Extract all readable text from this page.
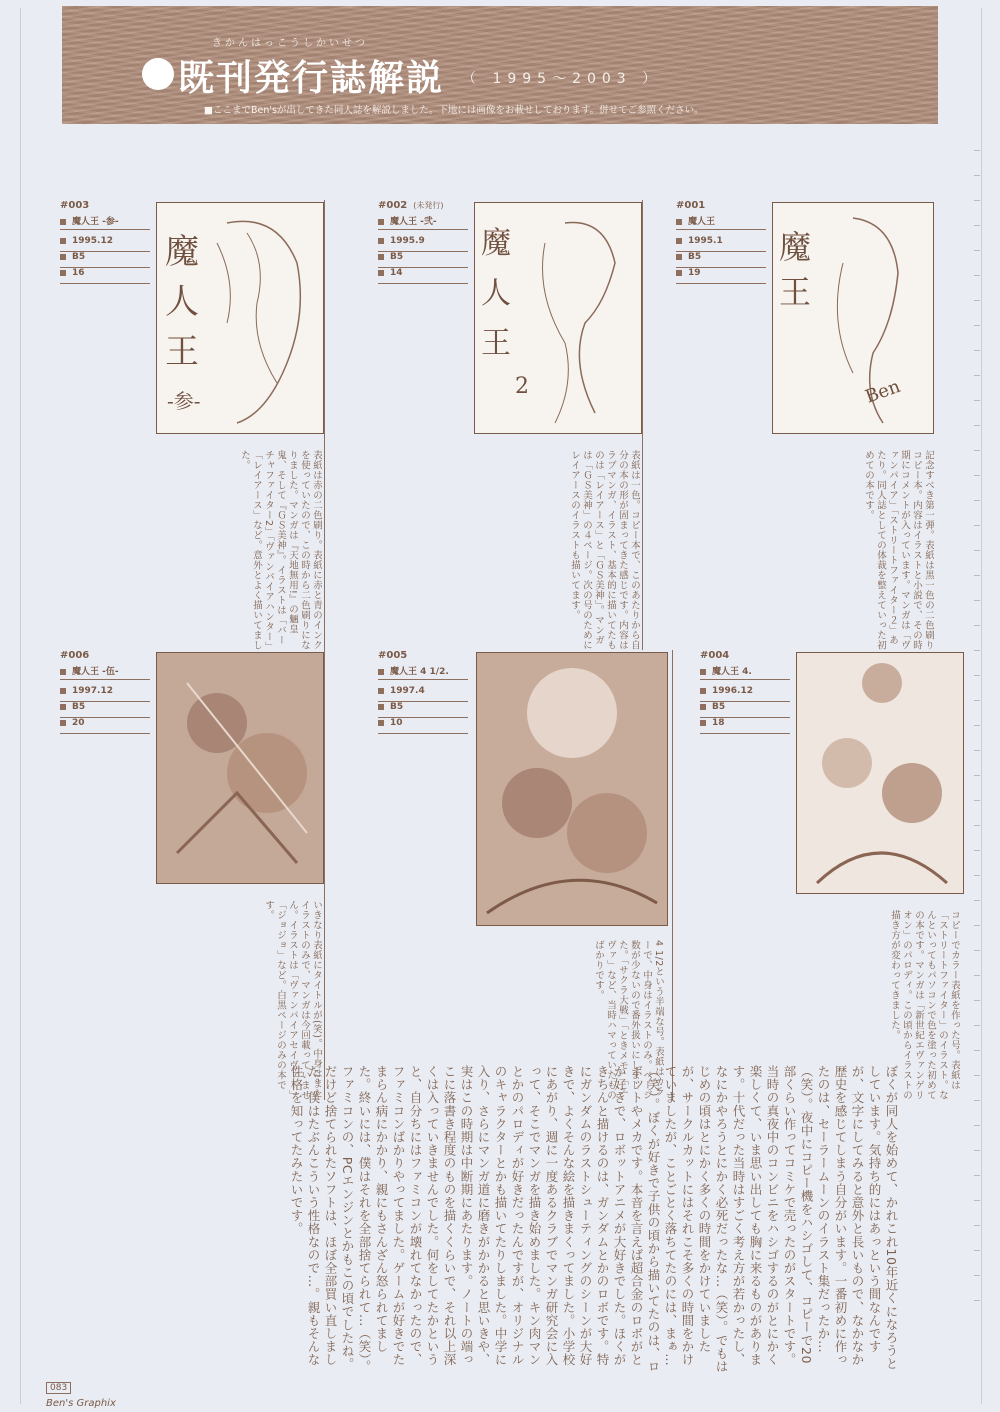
きかんはっこうしかいせつ
既刊発行誌解説 （ 1995～2003 ）
■ここまでBen'sが出してきた同人誌を解説しました。下地には画像をお載せしております。併せてご参照ください。
#003
魔人王 -参-
1995.12
B5
16
魔
人
王
-参-
表紙は赤の二色刷り。表紙に赤と青のインクを使っていたので、この時から二色刷りになりました。マンガは『天地無用!』の魎皇鬼、そして『ＧＳ美神』。イラストは「バーチャファイター2」「ヴァンパイアハンター」「レイアース」など。意外とよく描いてました。
#002 (未発行)
魔人王 -弐-
1995.9
B5
14
魔
人
王
2
表紙は一色。コピー本で、このあたりから自分の本の形が固まってきた感じです。内容はラブマンガ、イラスト、基本的に描いてたものは「レイアース」と「ＧＳ美神」。マンガは「ＧＳ美神」の４ページ。次の号のためにレイアースのイラストも描いてます。
#001
魔人王
1995.1
B5
19
魔
王
Ben
記念すべき第一弾。表紙は黒一色の二色刷りコピー本。内容はイラストと小説で、その時期にコメントが入っています。マンガは「ヴァンパイア」「ストリートファイター２」あたり。同人誌としての体裁を整えていった初めての本です。
#006
魔人王 -伍-
1997.12
B5
20
いきなり表紙にタイトルが(笑)。中身はまたイラストのみで、マンガは今回載っていません。イラストは「ヴァンパイアセイヴァー」「ジョジョ」など。白黒ページのみの本です。
#005
魔人王 4 1/2.
1997.4
B5
10
4 1/2という半端な号。表紙はカラーで、中身はイラストのみ。ページ数が少ないので番外扱いにしました。「サクラ大戦」「ときメモ」「エヴァ」など、当時ハマっていたものばかりです。
#004
魔人王 4.
1996.12
B5
18
コピーでカラー表紙を作った号。表紙は「ストリートファイター」のイラスト。なんといってもパソコンで色を塗った初めての本です。マンガは「新世紀エヴァンゲリオン」のパロディ。この頃からイラストの描き方が変わってきました。
ぼくが同人を始めて、かれこれ10年近くになろうとしています。気持ち的にはあっという間なんですが、文字にしてみると意外と長いもので、なかなか歴史を感じてしまう自分がいます。一番初めに作ったのは、セーラームーンのイラスト集だったか…（笑）。夜中にコピー機をハシゴして、コピーで20部くらい作ってコミケで売ったのがスタートです。当時の真夜中のコンビニをハシゴするのがとにかく楽しくて、いま思い出しても胸に来るものがあります。十代だった当時はすごく考え方が若かったし、なにかやろうとにかく必死だったな…（笑）。でもはじめの頃はとにかく多くの時間をかけていましたが、サークルカットにはそれこそ多くの時間をかけていましたが、ことごとく落ちてたのには、まぁ…（笑）。ぼくが好きで子供の頃から描いてたのは、ロボットやメカです。本音を言えば超合金のロボがとか好きで、ロボットアニメが大好きでした。ほくがきちんと描けるのは、ガンダムとかのロボです。特にガンダムのラストシューティングのシーンが大好きで、よくそんな絵を描きまくってました。小学校にあがり、週に一度あるクラブでマンガ研究会に入って、そこでマンガを描き始めました。キン肉マンとかのパロディが好きだったんですが、オリジナルのキャラクターとかも描いてたりしました。中学に入り、さらにマンガ道に磨きがかかると思いきや、実はこの時期は中断期にあたります。ノートの端っこに落書き程度のものを描くくらいで、それ以上深くは入っていきませんでした。何をしてたかというと、自分ちにはファミコンが壊れてなかったので、ファミコンばかりやってました。ゲームが好きでたまらん病にかかり、親にもさんざん怒られてました。終いには、僕はそれを全部捨てられて…（笑）。ファミコンの、PCエンジンとかもこの頃でしたね。だけど捨てられたソフトは、ほぼ全部買い直しました。僕はたぶんこういう性格なので…。親もそんな性格を知ってたみたいです。
083
Ben's Graphix
